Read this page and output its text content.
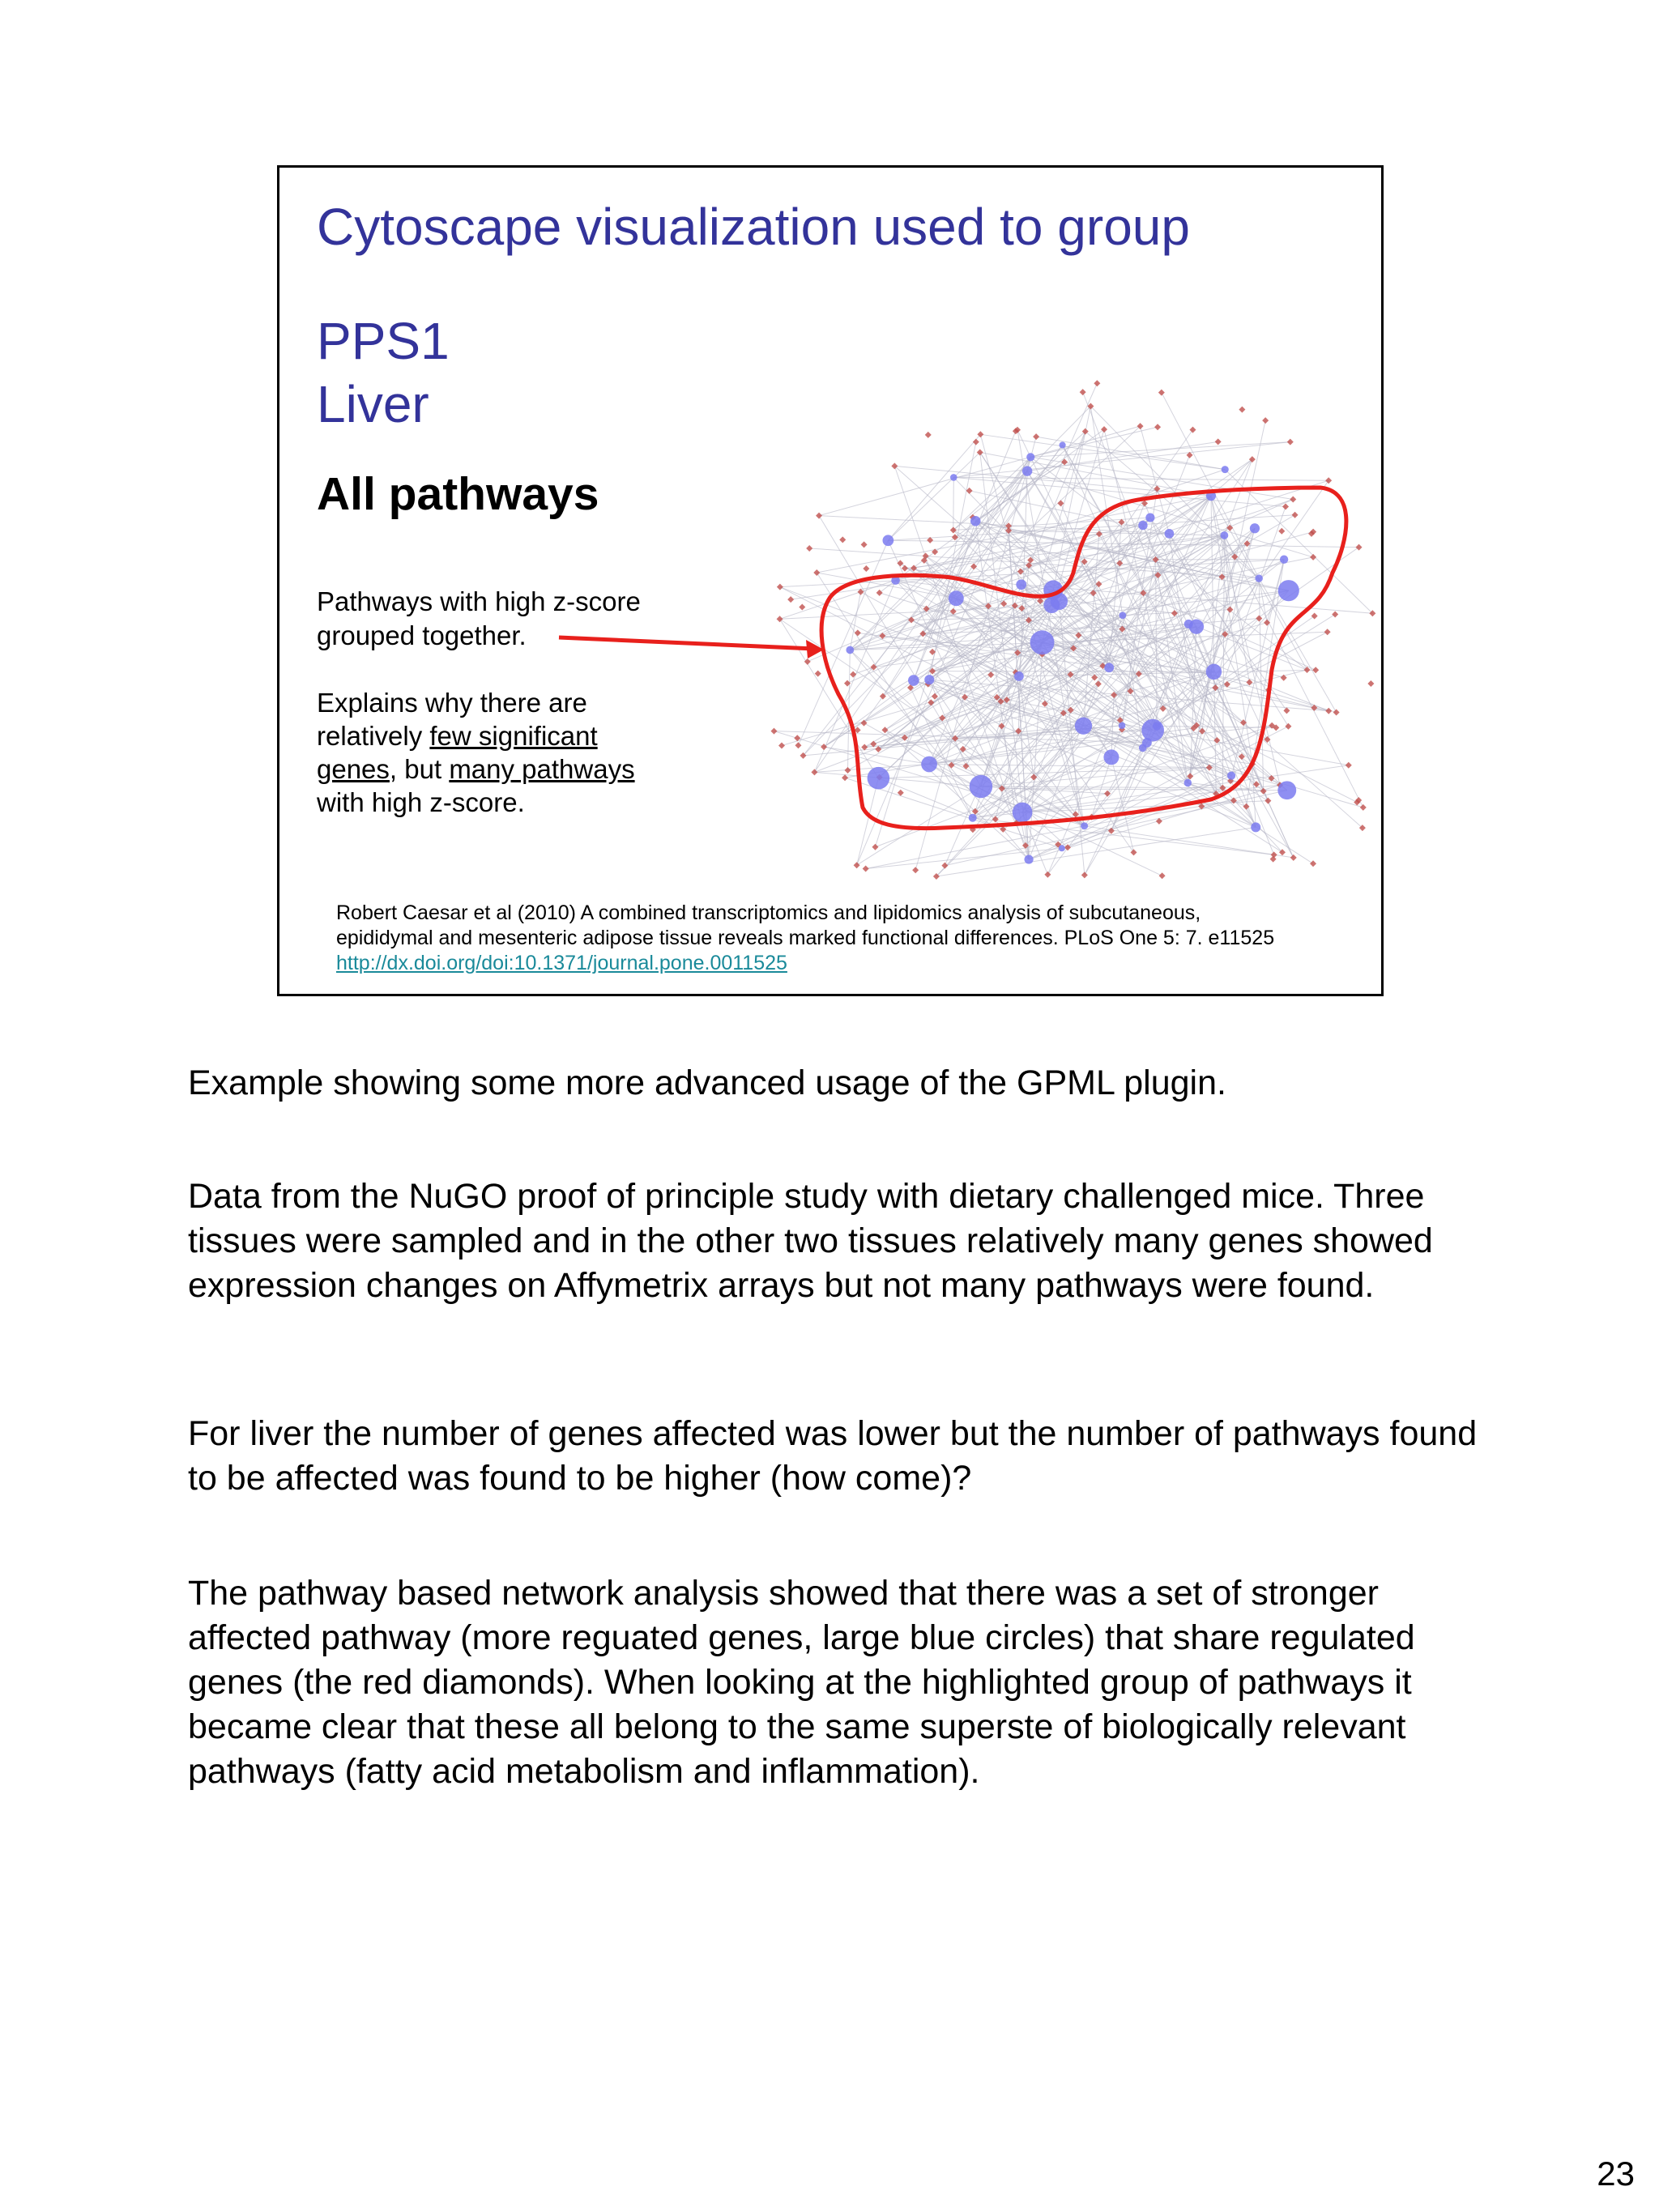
Cytoscape visualization used to group
PPS1
Liver
All pathways
Pathways with high z-score grouped together.
Explains why there are relatively few significant genes, but many pathways with high z-score.
Robert Caesar et al (2010) A combined transcriptomics and lipidomics analysis of subcutaneous,
epididymal and mesenteric adipose tissue reveals marked functional differences. PLoS One 5: 7. e11525
http://dx.doi.org/doi:10.1371/journal.pone.0011525

Example showing some more advanced usage of the GPML plugin.

Data from the NuGO proof of principle study with dietary challenged mice. Three tissues were sampled and in the other two tissues relatively many genes showed expression changes on Affymetrix arrays but not many pathways were found.

For liver the number of genes affected was lower but the number of pathways found to be affected was found to be higher (how come)?

The pathway based network analysis showed that there was a set of stronger affected pathway (more reguated genes, large blue circles) that share regulated genes (the red diamonds). When looking at the highlighted group of pathways it became clear that these all belong to the same superste of biologically relevant pathways (fatty acid metabolism and inflammation).

23
